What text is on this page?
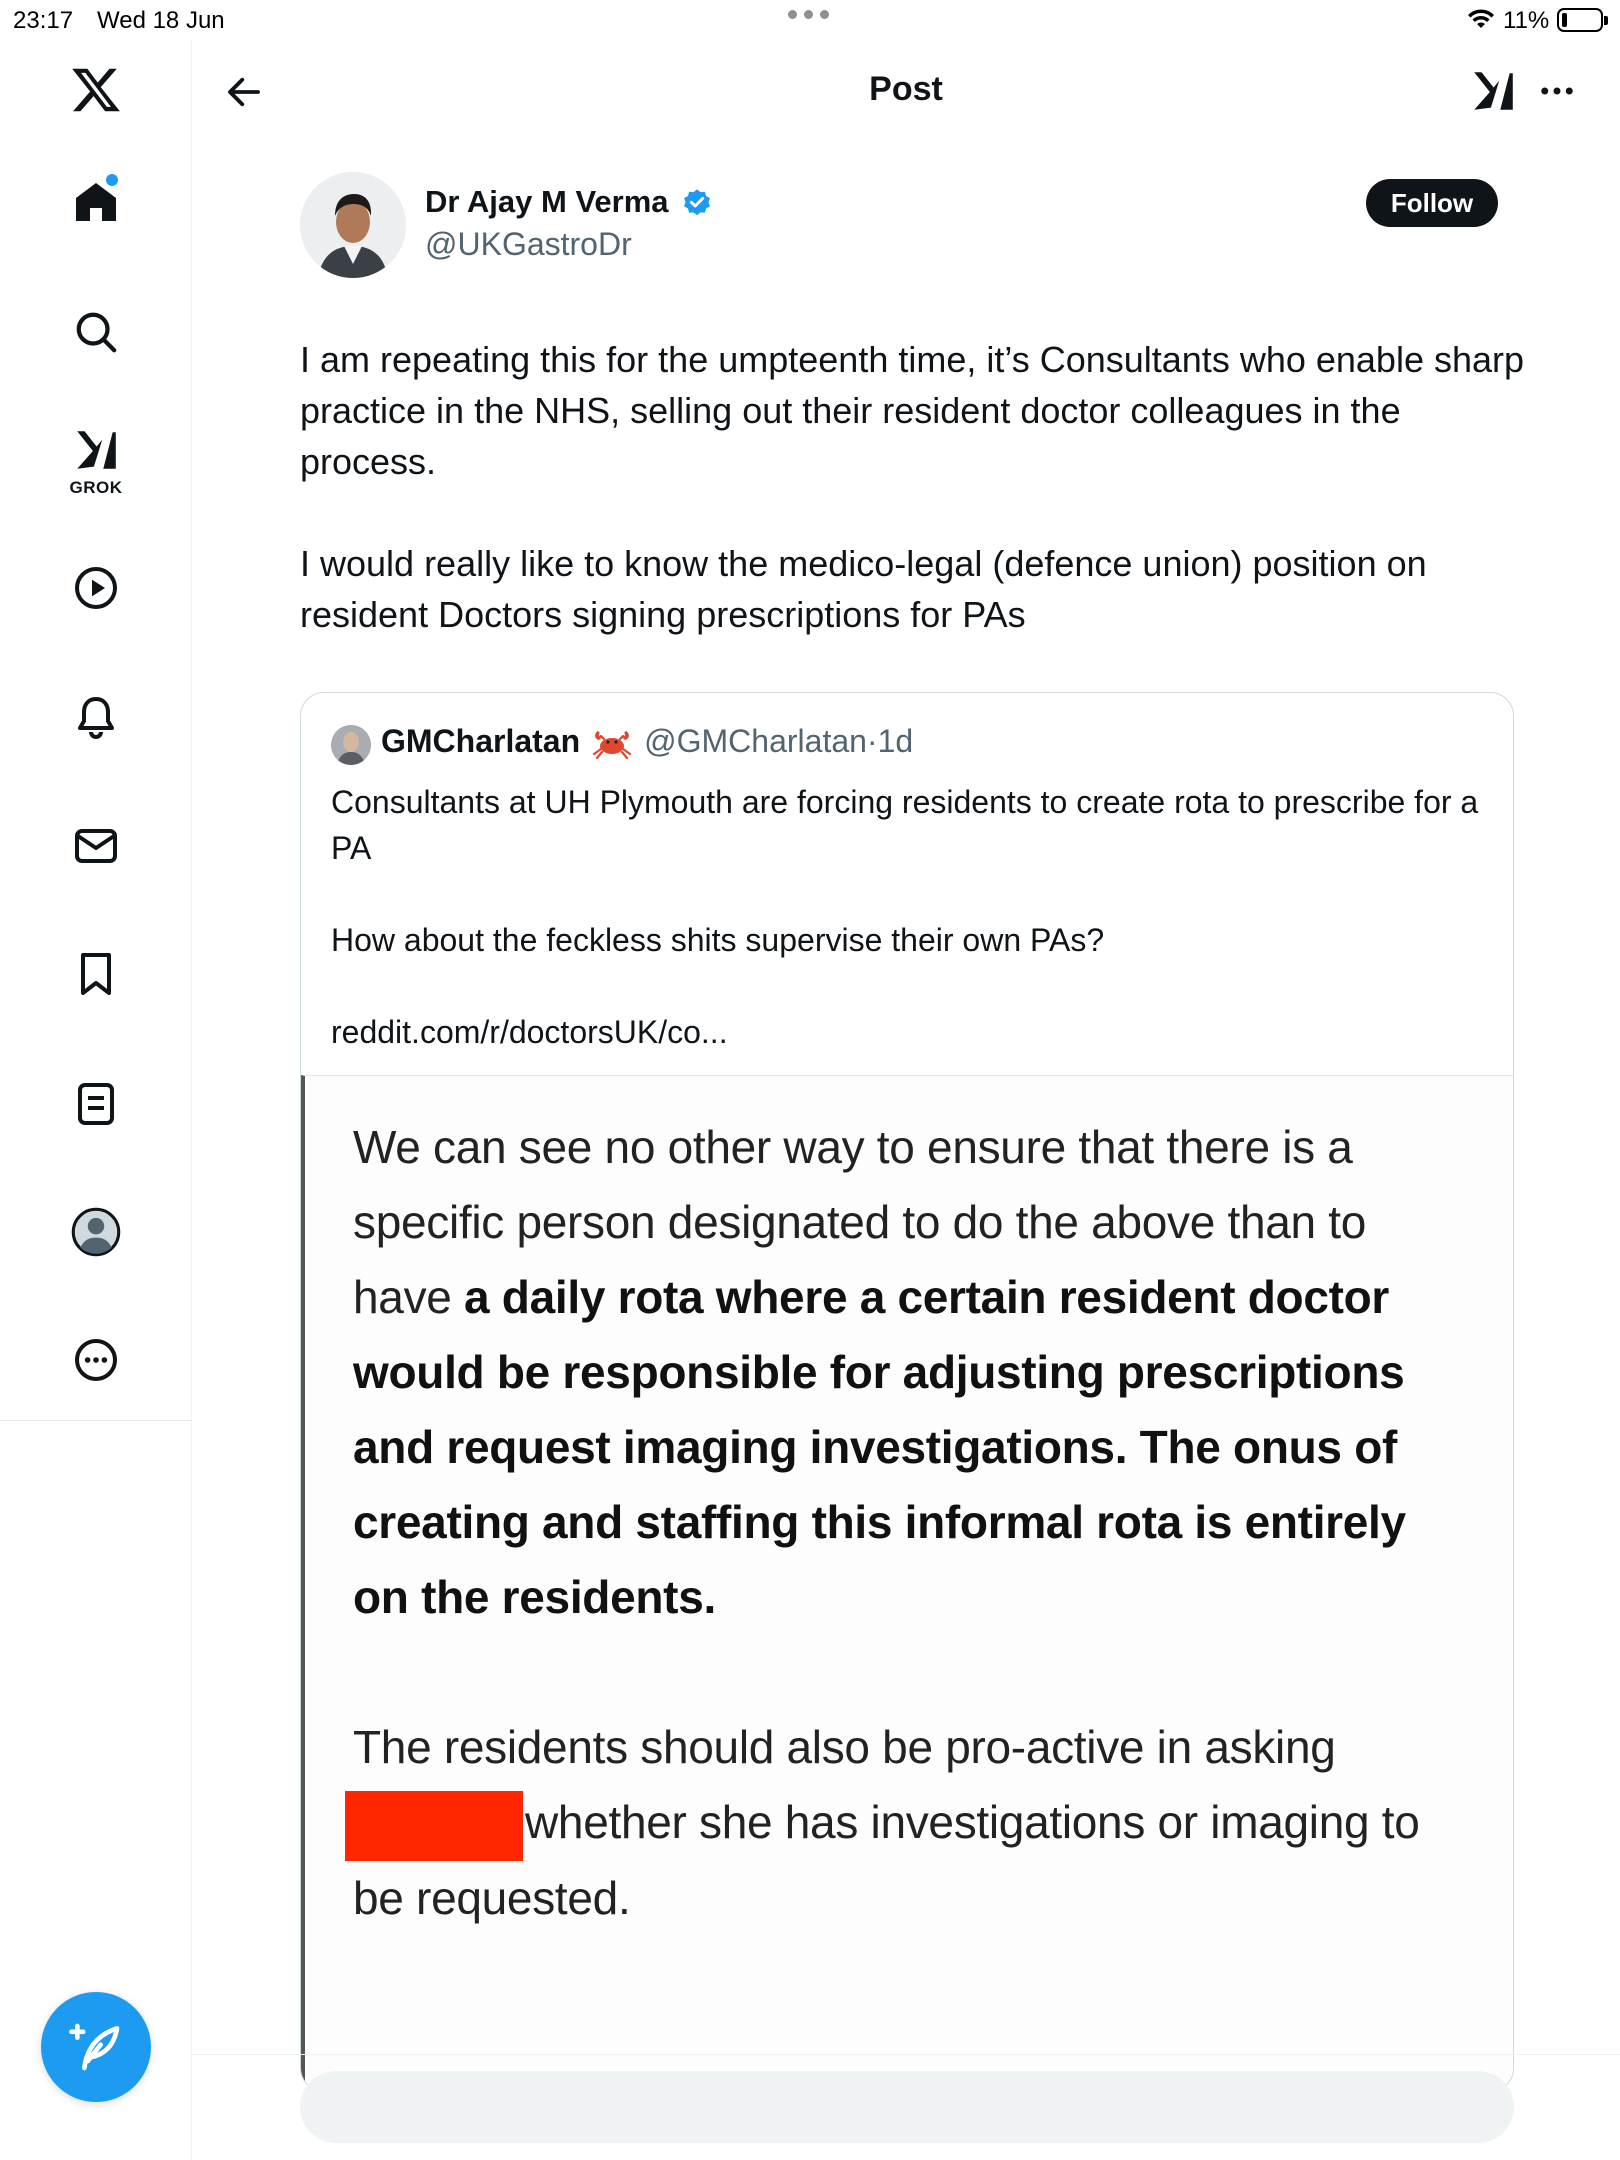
23:17 Wed 18 Jun	11%
GROK
Post
Dr Ajay M Verma
@UKGastroDr
Follow

I am repeating this for the umpteenth time, it’s Consultants who enable sharp practice in the NHS, selling out their resident doctor colleagues in the process.

I would really like to know the medico-legal (defence union) position on resident Doctors signing prescriptions for PAs

GMCharlatan @GMCharlatan · 1d
Consultants at UH Plymouth are forcing residents to create rota to prescribe for a PA
How about the feckless shits supervise their own PAs?
reddit.com/r/doctorsUK/co...
We can see no other way to ensure that there is a specific person designated to do the above than to have a daily rota where a certain resident doctor would be responsible for adjusting prescriptions and request imaging investigations. The onus of creating and staffing this informal rota is entirely on the residents.
The residents should also be pro-active in asking
whether she has investigations or imaging to be requested.
